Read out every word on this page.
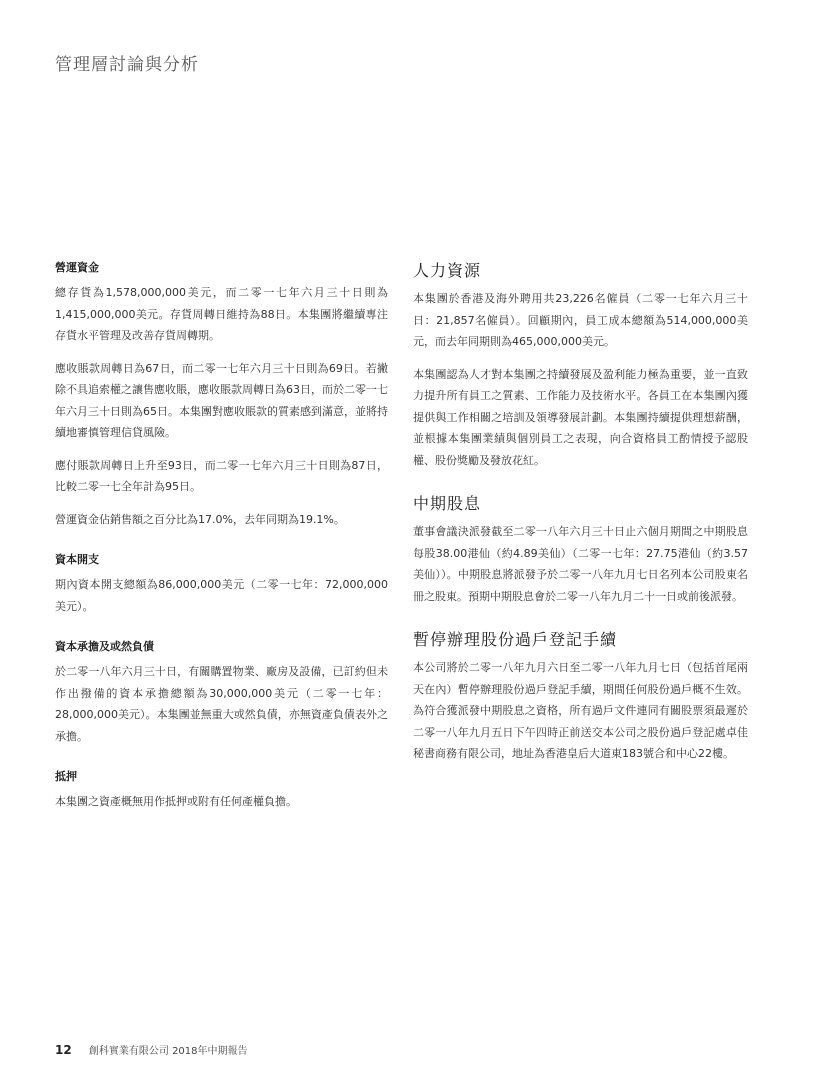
管理層討論與分析
營運資金

總存貨為1,578,000,000美元，而二零一七年六月三十日則為1,415,000,000美元。存貨周轉日維持為88日。本集團將繼續專注存貨水平管理及改善存貨周轉期。

應收賬款周轉日為67日，而二零一七年六月三十日則為69日。若撇除不具追索權之讓售應收賬，應收賬款周轉日為63日，而於二零一七年六月三十日則為65日。本集團對應收賬款的質素感到滿意，並將持續地審慎管理信貸風險。

應付賬款周轉日上升至93日，而二零一七年六月三十日則為87日，比較二零一七全年計為95日。

營運資金佔銷售額之百分比為17.0%，去年同期為19.1%。

資本開支

期內資本開支總額為86,000,000美元（二零一七年：72,000,000美元）。

資本承擔及或然負債

於二零一八年六月三十日，有關購置物業、廠房及設備，已訂約但未作出撥備的資本承擔總額為30,000,000美元（二零一七年：28,000,000美元）。本集團並無重大或然負債，亦無資產負債表外之承擔。

抵押

本集團之資產概無用作抵押或附有任何產權負擔。

人力資源

本集團於香港及海外聘用共23,226名僱員（二零一七年六月三十日：21,857名僱員）。回顧期內，員工成本總額為514,000,000美元，而去年同期則為465,000,000美元。

本集團認為人才對本集團之持續發展及盈利能力極為重要，並一直致力提升所有員工之質素、工作能力及技術水平。各員工在本集團內獲提供與工作相關之培訓及領導發展計劃。本集團持續提供理想薪酬，並根據本集團業績與個別員工之表現，向合資格員工酌情授予認股權、股份獎勵及發放花紅。

中期股息

董事會議決派發截至二零一八年六月三十日止六個月期間之中期股息每股38.00港仙（約4.89美仙）（二零一七年：27.75港仙（約3.57美仙））。中期股息將派發予於二零一八年九月七日名列本公司股東名冊之股東。預期中期股息會於二零一八年九月二十一日或前後派發。

暫停辦理股份過戶登記手續

本公司將於二零一八年九月六日至二零一八年九月七日（包括首尾兩天在內）暫停辦理股份過戶登記手續，期間任何股份過戶概不生效。為符合獲派發中期股息之資格，所有過戶文件連同有關股票須最遲於二零一八年九月五日下午四時正前送交本公司之股份過戶登記處卓佳秘書商務有限公司，地址為香港皇后大道東183號合和中心22樓。

12 創科實業有限公司 2018年中期報告
